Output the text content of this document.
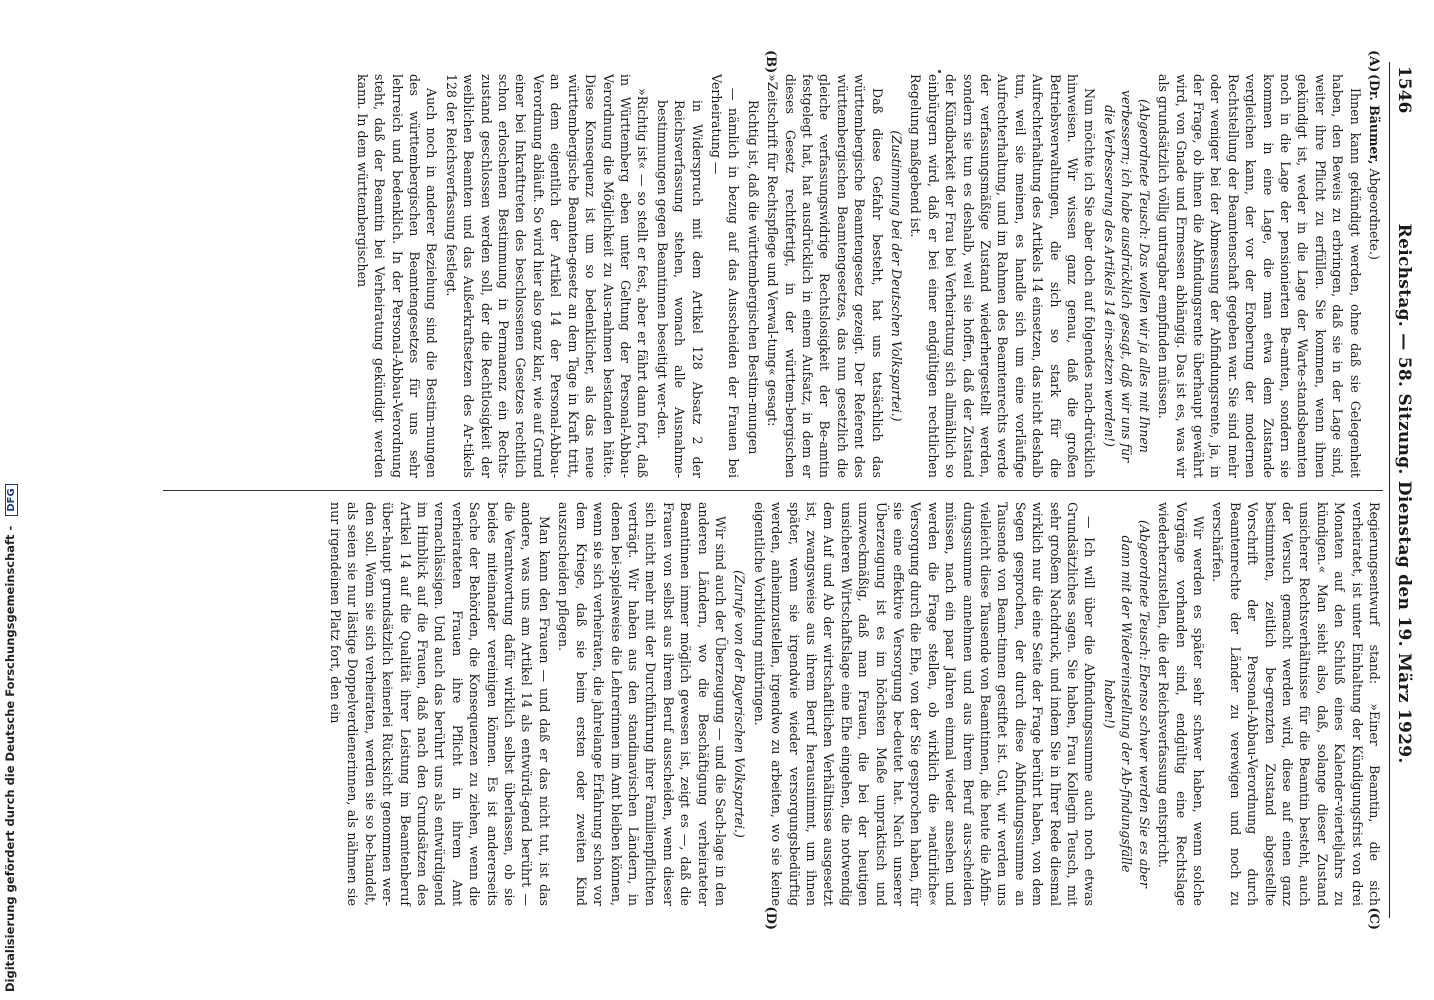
Digitalisierung gefördert durch die Deutsche Forschungsgemeinschaft - DFG
1546
Reichstag. — 58. Sitzung. Dienstag den 19. März 1929.
(A)
(B)
(C)
(D)

(Dr. Bäumer, Abgeordnete.)

Ihnen kann gekündigt werden, ohne daß sie Gelegenheit haben, den Beweis zu erbringen, daß sie in der Lage sind, weiter ihre Pflicht zu erfüllen. Sie kommen, wenn ihnen gekündigt ist, weder in die Lage der Warte-standsbeamten noch in die Lage der pensionierten Be-amten, sondern sie kommen in eine Lage, die man etwa dem Zustande vergleichen kann, der vor der Eroberung der modernen Rechtstellung der Beamtenschaft gegeben war. Sie sind mehr oder weniger bei der Abmessung der Abfindungsrente, ja, in der Frage, ob ihnen die Abfindungsrente überhaupt gewährt wird, von Gnade und Ermessen abhängig. Das ist es, was wir als grundsätzlich völlig untragbar empfinden müssen.

(Abgeordnete Teusch: Das wollen wir ja alles mit Ihnen verbessern; ich habe ausdrücklich gesagt, daß wir uns für die Verbesserung des Artikels 14 ein-setzen werden!)

Nun möchte ich Sie aber doch auf folgendes nach-drücklich hinweisen. Wir wissen ganz genau, daß die großen Betriebsverwaltungen, die sich so stark für die Aufrechterhaltung des Artikels 14 einsetzen, das nicht deshalb tun, weil sie meinen, es handle sich um eine vorläufige Aufrechterhaltung, und im Rahmen des Beamtenrechts werde der verfassungsmäßige Zustand wiederhergestellt werden, sondern sie tun es deshalb, weil sie hoffen, daß der Zustand der Kündbarkeit der Frau bei Verheiratung sich allmählich so einbürgern wird, daß er bei einer endgültigen rechtlichen Regelung maßgebend ist.

(Zustimmung bei der Deutschen Volkspartei.)

Daß diese Gefahr besteht, hat uns tatsächlich das württembergische Beamtengesetz gezeigt. Der Referent des württembergischen Beamtengesetzes, das nun gesetzlich die gleiche verfassungswidrige Rechtslosigkeit der Be-amtin festgelegt hat, hat ausdrücklich in einem Aufsatz, in dem er dieses Gesetz rechtfertigt, in der württem-bergischen »Zeitschrift für Rechtspflege und Verwal-tung« gesagt:

Richtig ist, daß die württembergischen Bestim-mungen

— nämlich in bezug auf das Ausscheiden der Frauen bei Verheiratung —

in Widerspruch mit dem Artikel 128 Absatz 2 der Reichsverfassung stehen, wonach alle Ausnahme-bestimmungen gegen Beamtinnen beseitigt wer-den.

»Richtig ist« — so stellt er fest, aber er fährt dann fort, daß in Württemberg eben unter Geltung der Personal-Abbau-Verordnung die Möglichkeit zu Aus-nahmen bestanden hätte. Diese Konsequenz ist um so bedenklicher, als das neue württembergische Beamten-gesetz an dem Tage in Kraft tritt, an dem eigentlich der Artikel 14 der Personal-Abbau-Verordnung abläuft. So wird hier also ganz klar, wie auf Grund einer bei Inkrafttreten des beschlossenen Gesetzes rechtlich schon erloschenen Bestimmung in Permanenz ein Rechts-zustand geschlossen werden soll, der die Rechtlosigkeit der weiblichen Beamten und das Außerkraftsetzen des Ar-tikels 128 der Reichsverfassung festlegt.

Auch noch in anderer Beziehung sind die Bestim-mungen des württembergischen Beamtengesetzes für uns sehr lehrreich und bedenklich. In der Personal-Abbau-Verordnung steht, daß der Beamtin bei Verheiratung gekündigt werden kann. In dem württembergischen

Regierungsentwurf stand: »Einer Beamtin, die sich verheiratet, ist unter Einhaltung der Kündigungsfrist von drei Monaten auf den Schluß eines Kalender-vierteljahrs zu kündigen.« Man sieht also, daß, solange dieser Zustand unsicherer Rechtsverhältnisse für die Beamtin besteht, auch der Versuch gemacht werden wird, diese auf einen ganz bestimmten, zeitlich be-grenzten Zustand abgestellte Vorschrift der Personal-Abbau-Verordnung durch Beamtenrechte der Länder zu verewigen und noch zu verschärfen.

Wir werden es später sehr schwer haben, wenn solche Vorgänge vorhanden sind, endgültig eine Rechtslage wiederherzustellen, die der Reichsverfassung entspricht.

(Abgeordnete Teusch: Ebenso schwer werden Sie es aber dann mit der Wiedereinstellung der Ab-findungsfälle haben!)

— Ich will über die Abfindungssumme auch noch etwas Grundsätzliches sagen. Sie haben, Frau Kollegin Teusch, mit sehr großem Nachdruck, und indem Sie in Ihrer Rede diesmal wirklich nur die eine Seite der Frage berührt haben, von dem Segen gesprochen, der durch diese Abfindungssumme an Tausende von Beam-tinnen gestiftet ist. Gut, wir werden uns vielleicht diese Tausende von Beamtinnen, die heute die Abfin-dungssumme annehmen und aus ihrem Beruf aus-scheiden müssen, nach ein paar Jahren einmal wieder ansehen und werden die Frage stellen, ob wirklich die »natürliche« Versorgung durch die Ehe, von der Sie gesprochen haben, für sie eine effektive Versorgung be-deutet hat. Nach unserer Überzeugung ist es im höchsten Maße unpraktisch und unzweckmäßig, daß man Frauen, die bei der heutigen unsicheren Wirtschaftslage eine Ehe eingehen, die notwendig dem Auf und Ab der wirtschaftlichen Verhältnisse ausgesetzt ist, zwangsweise aus ihrem Beruf herausnimmt, um ihnen später, wenn sie irgendwie wieder versorgungsbedürftig werden, anheimzustellen, irgendwo zu arbeiten, wo sie keine eigentliche Vorbildung mitbringen.

(Zurufe von der Bayerischen Volkspartei.)

Wir sind auch der Überzeugung — und die Sach-lage in den anderen Ländern, wo die Beschäftigung verheirateter Beamtinnen immer möglich gewesen ist, zeigt es —, daß die Frauen von selbst aus ihrem Beruf ausscheiden, wenn dieser sich nicht mehr mit der Durchführung ihrer Familienpflichten verträgt. Wir haben aus den standinavischen Ländern, in denen bei-spielsweise die Lehrerinnen im Amt bleiben können, wenn sie sich verheiraten, die jahrelange Erfahrung schon vor dem Kriege, daß sie beim ersten oder zweiten Kind auszuscheiden pflegen.

Man kann den Frauen — und daß er das nicht tut, ist das andere, was uns am Artikel 14 als entwürdi-gend berührt — die Verantwortung dafür wirklich selbst überlassen, ob sie beides miteinander vereinigen können. Es ist andererseits Sache der Behörden, die Konsequenzen zu ziehen, wenn die verheirateten Frauen ihre Pflicht in ihrem Amt vernachlässigen. Und auch das berührt uns als entwürdigend im Hinblick auf die Frauen, daß nach den Grundsätzen des Artikel 14 auf die Qualität ihrer Leistung im Beamtenberuf über-haupt grundsätzlich keinerlei Rücksicht genommen wer-den soll. Wenn sie sich verheiraten, werden sie so be-handelt, als seien sie nur lästige Doppelverdienerinnen, als nähmen sie nur irgendeinen Platz fort, den ein
